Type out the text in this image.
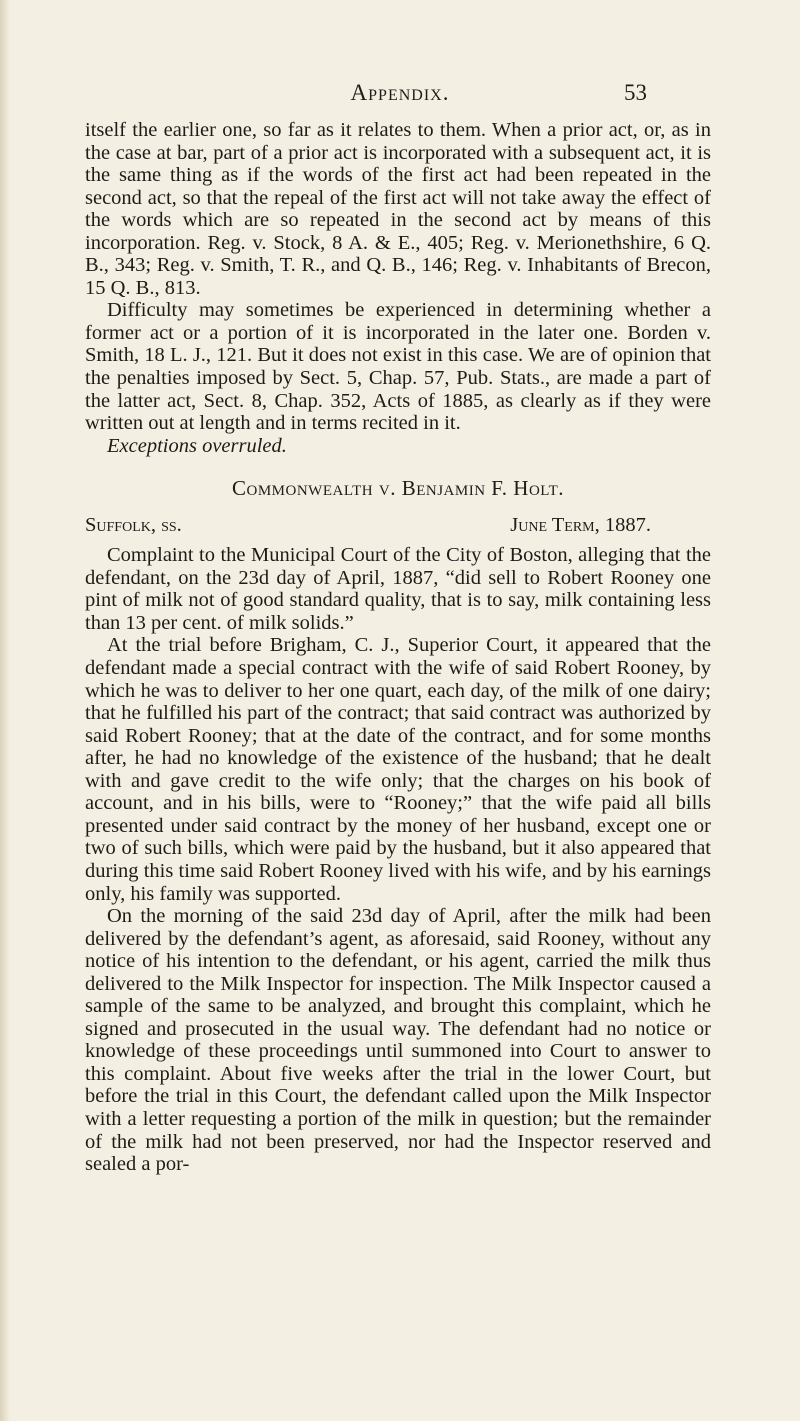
Appendix.	53

itself the earlier one, so far as it relates to them. When a prior act, or, as in the case at bar, part of a prior act is incorporated with a subsequent act, it is the same thing as if the words of the first act had been repeated in the second act, so that the repeal of the first act will not take away the effect of the words which are so repeated in the second act by means of this incorporation. Reg. v. Stock, 8 A. & E., 405; Reg. v. Merionethshire, 6 Q. B., 343; Reg. v. Smith, T. R., and Q. B., 146; Reg. v. Inhabitants of Brecon, 15 Q. B., 813.

Difficulty may sometimes be experienced in determining whether a former act or a portion of it is incorporated in the later one. Borden v. Smith, 18 L. J., 121. But it does not exist in this case. We are of opinion that the penalties imposed by Sect. 5, Chap. 57, Pub. Stats., are made a part of the latter act, Sect. 8, Chap. 352, Acts of 1885, as clearly as if they were written out at length and in terms recited in it.

Exceptions overruled.

Commonwealth v. Benjamin F. Holt.

Suffolk, ss.	June Term, 1887.

Complaint to the Municipal Court of the City of Boston, alleging that the defendant, on the 23d day of April, 1887, “did sell to Robert Rooney one pint of milk not of good standard quality, that is to say, milk containing less than 13 per cent. of milk solids.”

At the trial before Brigham, C. J., Superior Court, it appeared that the defendant made a special contract with the wife of said Robert Rooney, by which he was to deliver to her one quart, each day, of the milk of one dairy; that he fulfilled his part of the contract; that said contract was authorized by said Robert Rooney; that at the date of the contract, and for some months after, he had no knowledge of the existence of the husband; that he dealt with and gave credit to the wife only; that the charges on his book of account, and in his bills, were to “Rooney;” that the wife paid all bills presented under said contract by the money of her husband, except one or two of such bills, which were paid by the husband, but it also appeared that during this time said Robert Rooney lived with his wife, and by his earnings only, his family was supported.

On the morning of the said 23d day of April, after the milk had been delivered by the defendant’s agent, as aforesaid, said Rooney, without any notice of his intention to the defendant, or his agent, carried the milk thus delivered to the Milk Inspector for inspection. The Milk Inspector caused a sample of the same to be analyzed, and brought this complaint, which he signed and prosecuted in the usual way. The defendant had no notice or knowledge of these proceedings until summoned into Court to answer to this complaint. About five weeks after the trial in the lower Court, but before the trial in this Court, the defendant called upon the Milk Inspector with a letter requesting a portion of the milk in question; but the remainder of the milk had not been preserved, nor had the Inspector reserved and sealed a por-
